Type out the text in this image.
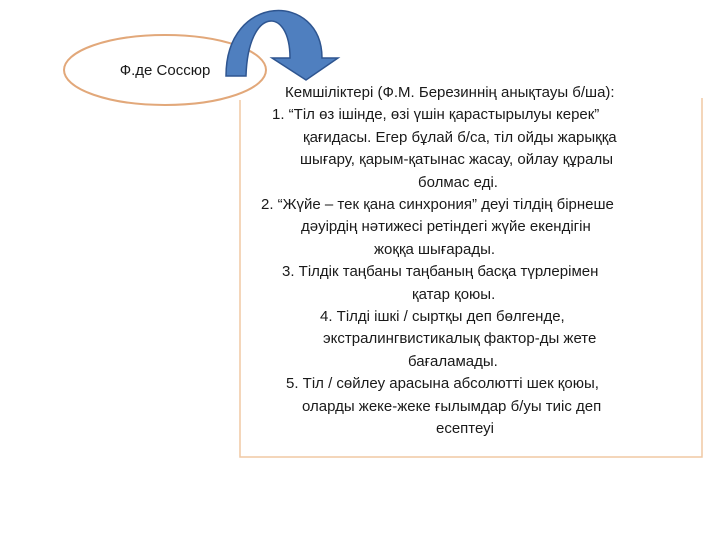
Ф.де Соссюр
Кемшіліктері (Ф.М. Березиннің анықтауы б/ша):
1. “Тіл өз ішінде, өзі үшін қарастырылуы керек”
қағидасы. Егер бұлай б/са, тіл ойды жарыққа
шығару, қарым-қатынас жасау, ойлау құралы
болмас еді.
2. “Жүйе – тек қана синхрония” деуі тілдің бірнеше
дәуірдің нәтижесі ретіндегі жүйе екендігін
жоққа шығарады.
3. Тілдік таңбаны таңбаның басқа түрлерімен
қатар қоюы.
4. Тілді ішкі / сыртқы деп бөлгенде,
экстралингвистикалық фактор-ды жете
бағаламады.
5. Тіл / сөйлеу арасына абсолютті шек қоюы,
оларды жеке-жеке ғылымдар б/уы тиіс деп
есептеуі
